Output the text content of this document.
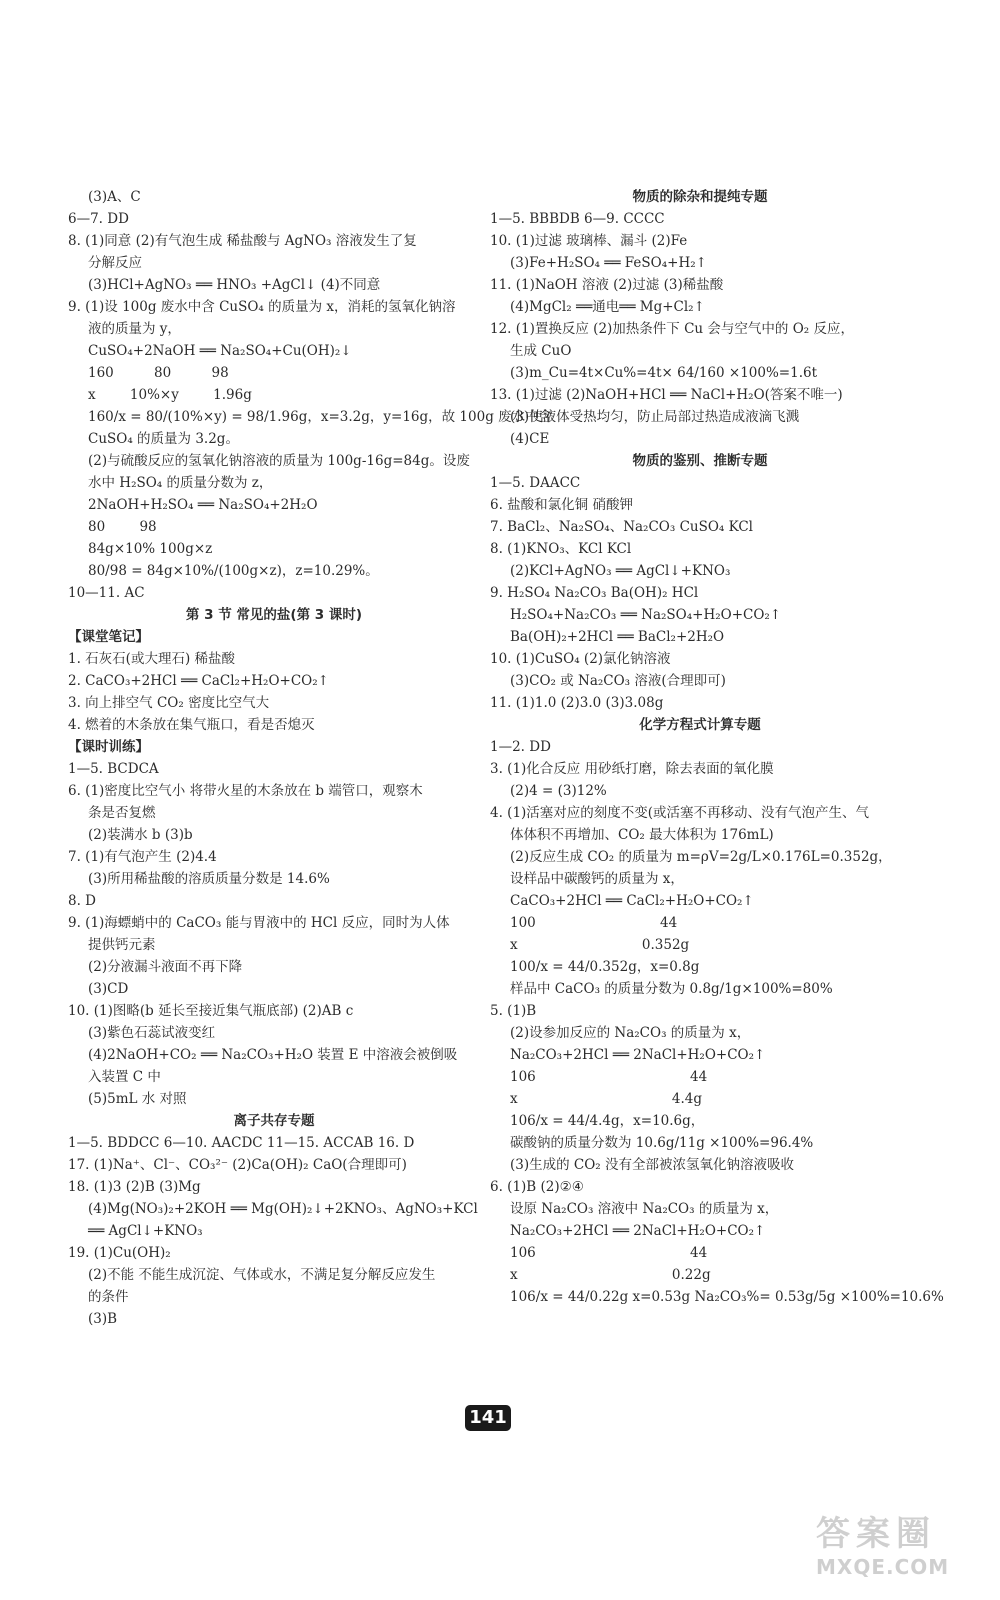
(3)A、C
6—7. DD
8. (1)同意 (2)有气泡生成 稀盐酸与 AgNO₃ 溶液发生了复
分解反应
(3)HCl+AgNO₃ ══ HNO₃ +AgCl↓ (4)不同意
9. (1)设 100g 废水中含 CuSO₄ 的质量为 x，消耗的氢氧化钠溶
液的质量为 y，
CuSO₄+2NaOH ══ Na₂SO₄+Cu(OH)₂↓
160 80 98
x 10%×y 1.96g
160/x = 80/(10%×y) = 98/1.96g，x=3.2g，y=16g，故 100g 废水中含
CuSO₄ 的质量为 3.2g。
(2)与硫酸反应的氢氧化钠溶液的质量为 100g-16g=84g。设废
水中 H₂SO₄ 的质量分数为 z，
2NaOH+H₂SO₄ ══ Na₂SO₄+2H₂O
80 98
84g×10% 100g×z
80/98 = 84g×10%/(100g×z)，z=10.29%。
10—11. AC
第 3 节 常见的盐(第 3 课时)
【课堂笔记】
1. 石灰石(或大理石) 稀盐酸
2. CaCO₃+2HCl ══ CaCl₂+H₂O+CO₂↑
3. 向上排空气 CO₂ 密度比空气大
4. 燃着的木条放在集气瓶口，看是否熄灭
【课时训练】
1—5. BCDCA
6. (1)密度比空气小 将带火星的木条放在 b 端管口，观察木
条是否复燃
(2)装满水 b (3)b
7. (1)有气泡产生 (2)4.4
(3)所用稀盐酸的溶质质量分数是 14.6%
8. D
9. (1)海螵蛸中的 CaCO₃ 能与胃液中的 HCl 反应，同时为人体
提供钙元素
(2)分液漏斗液面不再下降
(3)CD
10. (1)图略(b 延长至接近集气瓶底部) (2)AB c
(3)紫色石蕊试液变红
(4)2NaOH+CO₂ ══ Na₂CO₃+H₂O 装置 E 中溶液会被倒吸
入装置 C 中
(5)5mL 水 对照
离子共存专题
1—5. BDDCC 6—10. AACDC 11—15. ACCAB 16. D
17. (1)Na⁺、Cl⁻、CO₃²⁻ (2)Ca(OH)₂ CaO(合理即可)
18. (1)3 (2)B (3)Mg
(4)Mg(NO₃)₂+2KOH ══ Mg(OH)₂↓+2KNO₃、AgNO₃+KCl
══ AgCl↓+KNO₃
19. (1)Cu(OH)₂
(2)不能 不能生成沉淀、气体或水，不满足复分解反应发生
的条件
(3)B
物质的除杂和提纯专题
1—5. BBBDB 6—9. CCCC
10. (1)过滤 玻璃棒、漏斗 (2)Fe
(3)Fe+H₂SO₄ ══ FeSO₄+H₂↑
11. (1)NaOH 溶液 (2)过滤 (3)稀盐酸
(4)MgCl₂ ══通电══ Mg+Cl₂↑
12. (1)置换反应 (2)加热条件下 Cu 会与空气中的 O₂ 反应，
生成 CuO
(3)m_Cu=4t×Cu%=4t× 64/160 ×100%=1.6t
13. (1)过滤 (2)NaOH+HCl ══ NaCl+H₂O(答案不唯一)
(3)使液体受热均匀，防止局部过热造成液滴飞溅
(4)CE
物质的鉴别、推断专题
1—5. DAACC
6. 盐酸和氯化铜 硝酸钾
7. BaCl₂、Na₂SO₄、Na₂CO₃ CuSO₄ KCl
8. (1)KNO₃、KCl KCl
(2)KCl+AgNO₃ ══ AgCl↓+KNO₃
9. H₂SO₄ Na₂CO₃ Ba(OH)₂ HCl
H₂SO₄+Na₂CO₃ ══ Na₂SO₄+H₂O+CO₂↑
Ba(OH)₂+2HCl ══ BaCl₂+2H₂O
10. (1)CuSO₄ (2)氯化钠溶液
(3)CO₂ 或 Na₂CO₃ 溶液(合理即可)
11. (1)1.0 (2)3.0 (3)3.08g
化学方程式计算专题
1—2. DD
3. (1)化合反应 用砂纸打磨，除去表面的氧化膜
(2)4 = (3)12%
4. (1)活塞对应的刻度不变(或活塞不再移动、没有气泡产生、气
体体积不再增加、CO₂ 最大体积为 176mL)
(2)反应生成 CO₂ 的质量为 m=ρV=2g/L×0.176L=0.352g，
设样品中碳酸钙的质量为 x，
CaCO₃+2HCl ══ CaCl₂+H₂O+CO₂↑
100 44
x 0.352g
100/x = 44/0.352g，x=0.8g
样品中 CaCO₃ 的质量分数为 0.8g/1g×100%=80%
5. (1)B
(2)设参加反应的 Na₂CO₃ 的质量为 x，
Na₂CO₃+2HCl ══ 2NaCl+H₂O+CO₂↑
106 44
x 4.4g
106/x = 44/4.4g，x=10.6g，
碳酸钠的质量分数为 10.6g/11g ×100%=96.4%
(3)生成的 CO₂ 没有全部被浓氢氧化钠溶液吸收
6. (1)B (2)②④
设原 Na₂CO₃ 溶液中 Na₂CO₃ 的质量为 x，
Na₂CO₃+2HCl ══ 2NaCl+H₂O+CO₂↑
106 44
x 0.22g
106/x = 44/0.22g x=0.53g Na₂CO₃%= 0.53g/5g ×100%=10.6%
141
答案圈
MXQE.COM
